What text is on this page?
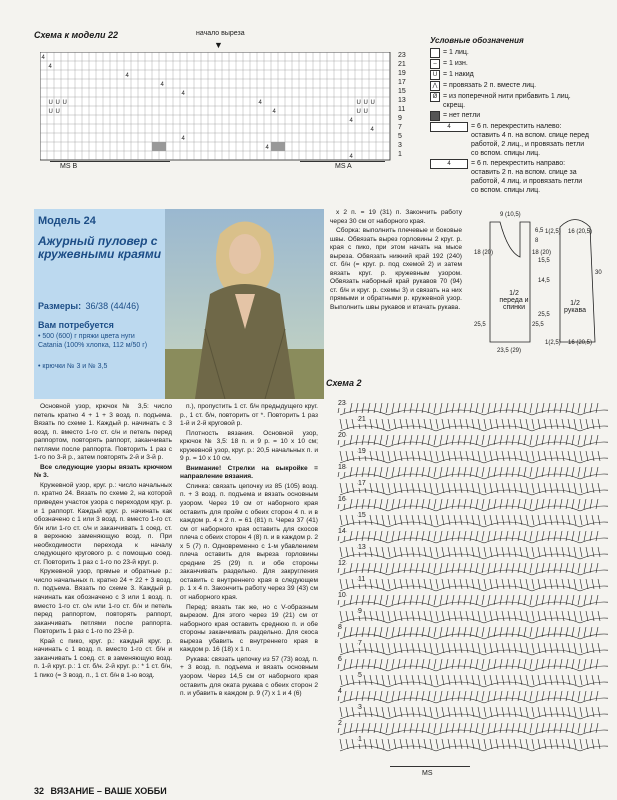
Схема к модели 22	начало выреза
▼
4
4
4
4
4
4
4
4
4
4
4
4
U U U	U U U
U U	U U
23
21
19
17
15
13
11
9
7
5
3
1
MS B	MS A
Условные обозначения
= 1 лиц.
– = 1 изн.
U = 1 накид
⋀ = провязать 2 п. вместе лиц.
Ø = из поперечной нити прибавить 1 лиц. скрещ.
= нет петли
4	= 6 п. перекрестить налево: оставить 4 п. на вспом. спице перед работой, 2 лиц., и провязать петли со вспом. спицы лиц.
4	= 6 п. перекрестить направо: оставить 2 п. на вспом. спице за работой, 4 лиц. и провязать петли со вспом. спицы лиц.
Модель 24
Ажурный пуловер с кружевными краями
Размеры: 36/38 (44/46)
Вам потребуется
• 500 (600) г пряжи цвета нуги Catania (100% хлопка, 112 м/50 г)
• крючки № 3 и № 3,5

Основной узор, крючок № 3,5: число петель кратно 4 + 1 + 3 возд. п. подъема. Вязать по схеме 1. Каждый р. начинать с 3 возд. п. вместо 1-го ст. с/н и петель перед раппортом, повторять раппорт, заканчивать петлями после раппорта. Повторить 1 раз с 1-го по 3-й р., затем повторять 2-й и 3-й р.

Все следующие узоры вязать крючком № 3.

Кружевной узор, круг. р.: число начальных п. кратно 24. Вязать по схеме 2, на которой приведен участок узора с переходом круг. р. и 1 раппорт. Каждый круг. р. начинать как обозначено с 1 или 3 возд. п. вместо 1-го ст. б/н или 1-го ст. с/н и заканчивать 1 соед. ст. в верхнюю заменяющую возд. п. При необходимости перехода к началу следующего кругового р. с помощью соед. ст. Повторить 1 раз с 1-го по 23-й круг. р.

Кружевной узор, прямые и обратные р.: число начальных п. кратно 24 + 22 + 3 возд. п. подъема. Вязать по схеме 3. Каждый р. начинать как обозначено с 3 или 1 возд. п. вместо 1-го ст. с/н или 1-го ст. б/н и петель перед раппортом, повторять раппорт, заканчивать петлями после раппорта. Повторить 1 раз с 1-го по 23-й р.

Край с пико, круг. р.: каждый круг. р. начинать с 1 возд. п. вместо 1-го ст. б/н и заканчивать 1 соед. ст. в заменяющую возд. п. 1-й круг. р.: 1 ст. б/н. 2-й круг. р.: * 1 ст. б/н, 1 пико (= 3 возд. п., 1 ст. б/н в 1-ю возд.

п.), пропустить 1 ст. б/н предыдущего круг. р., 1 ст. б/н, повторить от *. Повторить 1 раз 1-й и 2-й круговой р.

Плотность вязания. Основной узор, крючок № 3,5: 18 п. и 9 р. = 10 х 10 см; кружевной узор, круг. р.: 20,5 начальных п. и 9 р. = 10 х 10 см.

Внимание! Стрелки на выкройке = направление вязания.

Спинка: связать цепочку из 85 (105) возд. п. + 3 возд. п. подъема и вязать основным узором. Через 19 см от наборного края оставить для пройм с обеих сторон 4 п. и в каждом р. 4 х 2 п. = 61 (81) п. Через 37 (41) см от наборного края оставить для скосов плеча с обеих сторон 4 (8) п. и в каждом р. 2 х 5 (7) п. Одновременно с 1-м убавлением плеча оставить для выреза горловины средние 25 (29) п. и обе стороны заканчивать раздельно. Для закругления оставить с внутреннего края в следующем р. 1 х 4 п. Закончить работу через 39 (43) см от наборного края.

Перед: вязать так же, но с V-образным вырезом. Для этого через 19 (21) см от наборного края оставить среднюю п. и обе стороны заканчивать раздельно. Для скоса выреза убавить с внутреннего края в каждом р. 16 (18) х 1 п.

Рукава: связать цепочку из 57 (73) возд. п. + 3 возд. п. подъема и вязать основным узором. Через 14,5 см от наборного края оставить для оката рукава с обеих сторон 2 п. и убавить в каждом р. 9 (7) х 1 и 4 (6)

х 2 п. = 19 (31) п. Закончить работу через 30 см от наборного края.

Сборка: выполнить плечевые и боковые швы. Обвязать вырез горловины 2 круг. р. края с пико, при этом начать на мысе выреза. Обвязать нижний край 192 (240) ст. б/н (= круг. р. под схемой 2) и затем вязать круг. р. кружевным узором. Обвязать наборный край рукавов 70 (94) ст. б/н и круг. р. схемы 3) и связать на них прямыми и обратными р. кружевной узор. Выполнить швы рукавов и втачать рукава.

1/2 переда и спинки
1/2 рукава
18 (20)	18 (20)
25,5	25,5
23,5 (29)
9 (10,5)
6,5
8
1(2,5) 16 (20,5)
15,5
30
14,5
25,5
1(2,5) 16 (20,5)
Схема 2
23
21
20
19
18
17
16
15
14
13
12
11
10
9
8
7
6
5
4
3
2
1
MS
32 ВЯЗАНИЕ – ВАШЕ ХОББИ
